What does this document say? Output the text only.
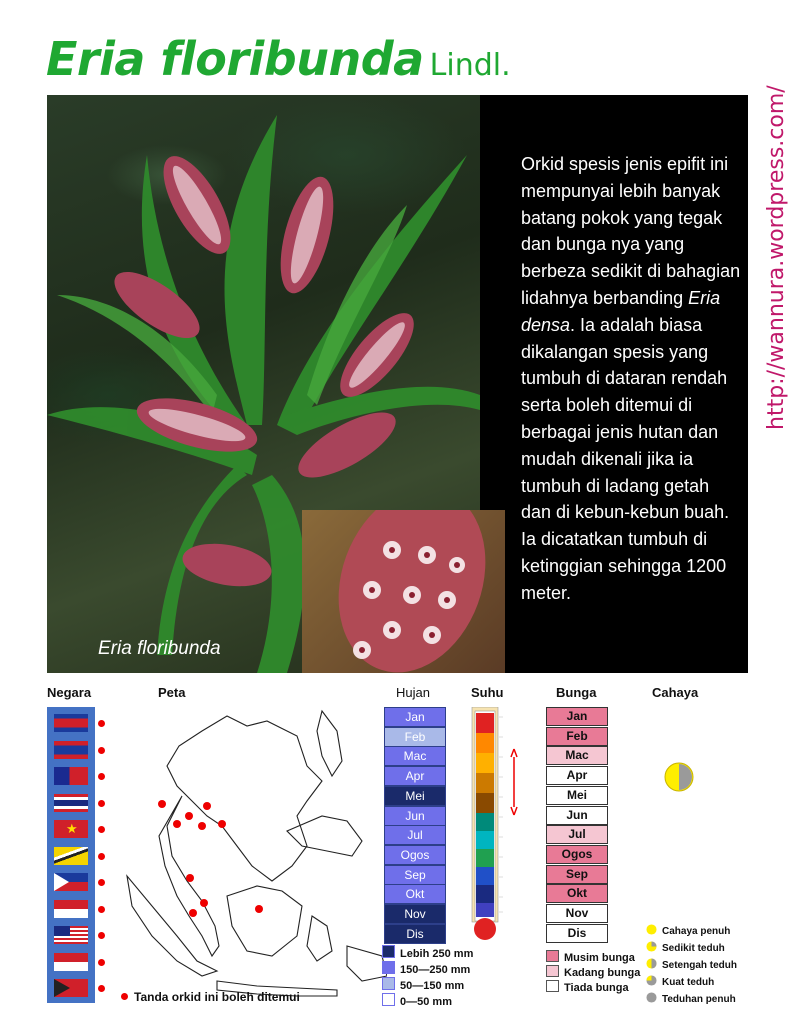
Eria floribunda Lindl.
Eria floribunda
Orkid spesis jenis epifit ini mempunyai lebih banyak batang pokok yang tegak dan bunga nya yang berbeza sedikit di bahagian lidahnya berbanding Eria densa. Ia adalah biasa dikalangan spesis yang tumbuh di dataran rendah serta boleh ditemui di berbagai jenis hutan dan mudah dikenali jika ia tumbuh di ladang getah dan di kebun-kebun buah. Ia dicatatkan tumbuh di ketinggian sehingga 1200 meter.
http://wannura.wordpress.com/
Negara	Peta	Hujan	Suhu	Bunga	Cahaya
★
Tanda orkid ini boleh ditemui
Jan
Feb
Mac
Apr
Mei
Jun
Jul
Ogos
Sep
Okt
Nov
Dis
Lebih 250 mm
150—250 mm
50—150 mm
0—50 mm
Jan
Feb
Mac
Apr
Mei
Jun
Jul
Ogos
Sep
Okt
Nov
Dis
Musim bunga
Kadang bunga
Tiada bunga
Cahaya penuh
Sedikit teduh
Setengah teduh
Kuat teduh
Teduhan penuh
